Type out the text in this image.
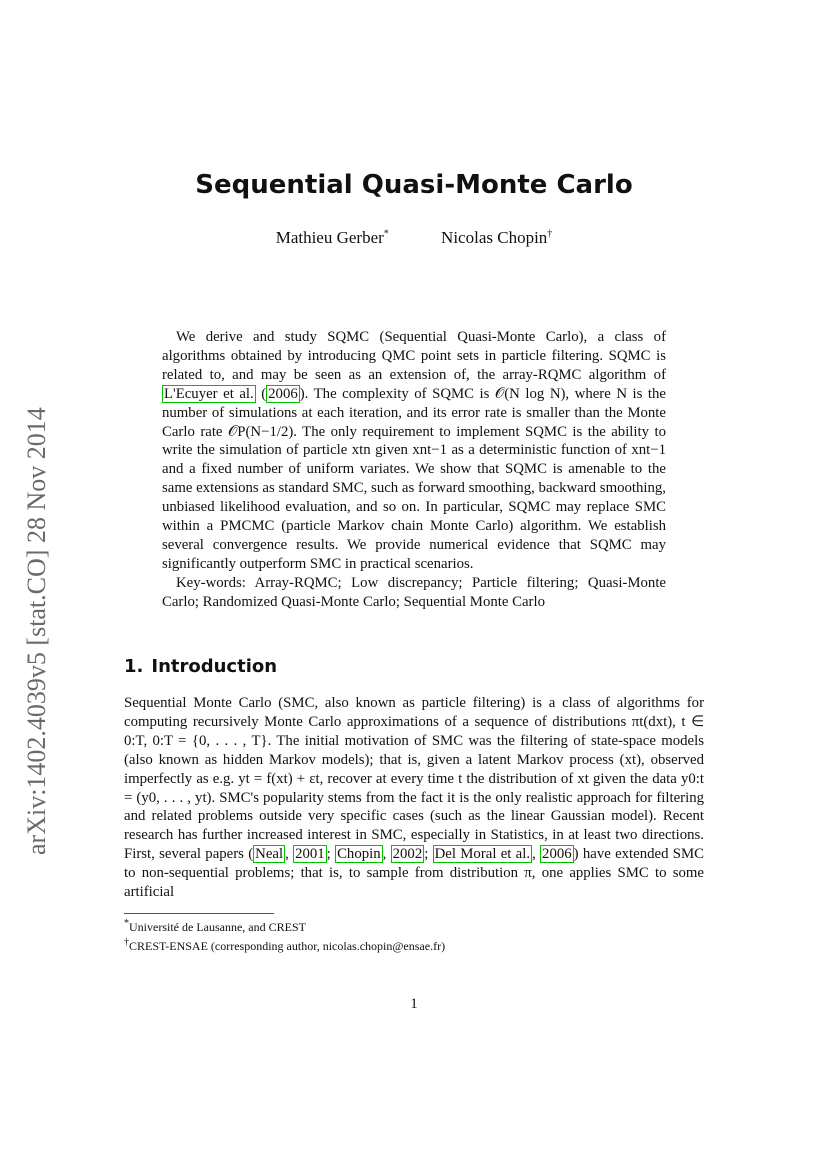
arXiv:1402.4039v5 [stat.CO] 28 Nov 2014
Sequential Quasi-Monte Carlo
Mathieu Gerber*	Nicolas Chopin†

We derive and study SQMC (Sequential Quasi-Monte Carlo), a class of algorithms obtained by introducing QMC point sets in particle filtering. SQMC is related to, and may be seen as an extension of, the array-RQMC algorithm of L'Ecuyer et al. ( 2006 ). The complexity of SQMC is 𝒪(N log N), where N is the number of simulations at each iteration, and its error rate is smaller than the Monte Carlo rate 𝒪P(N−1/2). The only requirement to implement SQMC is the ability to write the simulation of particle xtn given xnt−1 as a deterministic function of xnt−1 and a fixed number of uniform variates. We show that SQMC is amenable to the same extensions as standard SMC, such as forward smoothing, backward smoothing, unbiased likelihood evaluation, and so on. In particular, SQMC may replace SMC within a PMCMC (particle Markov chain Monte Carlo) algorithm. We establish several convergence results. We provide numerical evidence that SQMC may significantly outperform SMC in practical scenarios.

Key-words: Array-RQMC; Low discrepancy; Particle filtering; Quasi-Monte Carlo; Randomized Quasi-Monte Carlo; Sequential Monte Carlo

1. Introduction

Sequential Monte Carlo (SMC, also known as particle filtering) is a class of algorithms for computing recursively Monte Carlo approximations of a sequence of distributions πt(dxt), t ∈ 0:T, 0:T = {0, . . . , T}. The initial motivation of SMC was the filtering of state-space models (also known as hidden Markov models); that is, given a latent Markov process (xt), observed imperfectly as e.g. yt = f(xt) + εt, recover at every time t the distribution of xt given the data y0:t = (y0, . . . , yt). SMC's popularity stems from the fact it is the only realistic approach for filtering and related problems outside very specific cases (such as the linear Gaussian model). Recent research has further increased interest in SMC, especially in Statistics, in at least two directions. First, several papers ( Neal , 2001 ; Chopin , 2002 ; Del Moral et al. , 2006 ) have extended SMC to non-sequential problems; that is, to sample from distribution π, one applies SMC to some artificial

*Université de Lausanne, and CREST

†CREST-ENSAE (corresponding author, nicolas.chopin@ensae.fr)

1
